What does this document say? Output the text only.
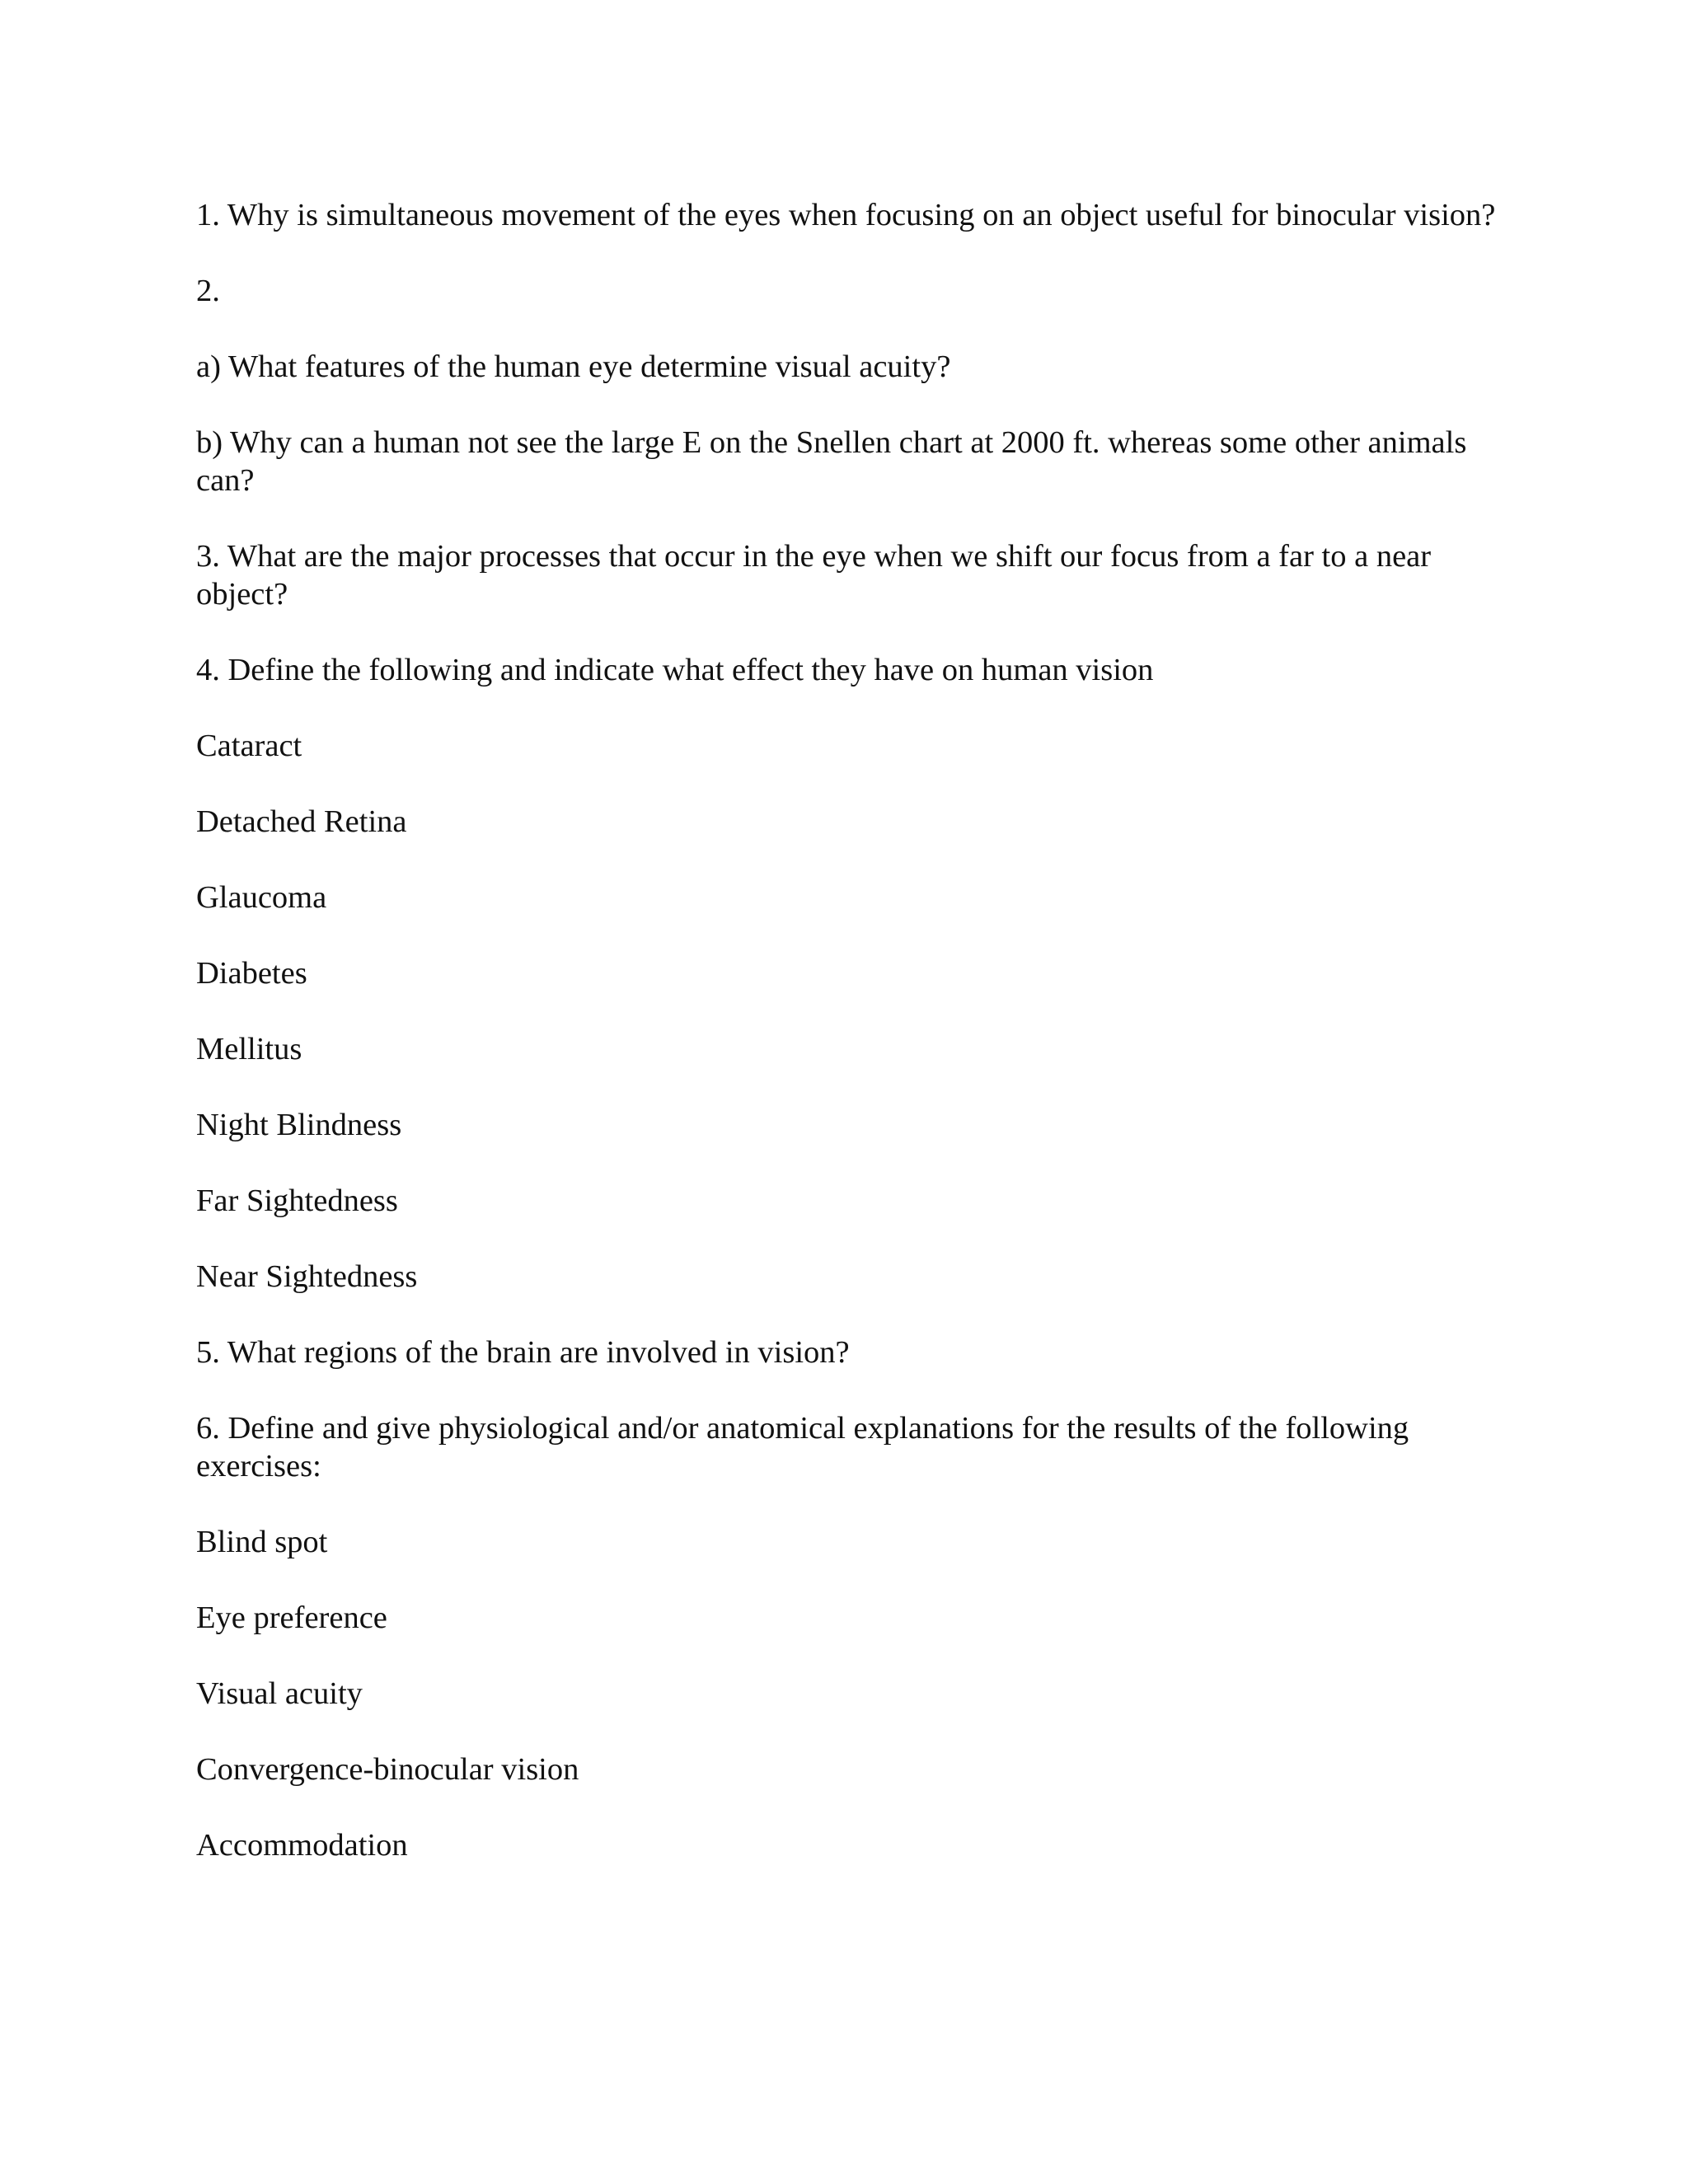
1. Why is simultaneous movement of the eyes when focusing on an object useful for binocular vision?

2.

a) What features of the human eye determine visual acuity?

b) Why can a human not see the large E on the Snellen chart at 2000 ft. whereas some other animals can?

3. What are the major processes that occur in the eye when we shift our focus from a far to a near object?

4. Define the following and indicate what effect they have on human vision

Cataract

Detached Retina

Glaucoma

Diabetes

Mellitus

Night Blindness

Far Sightedness

Near Sightedness

5. What regions of the brain are involved in vision?

6. Define and give physiological and/or anatomical explanations for the results of the following exercises:

Blind spot

Eye preference

Visual acuity

Convergence-binocular vision

Accommodation
